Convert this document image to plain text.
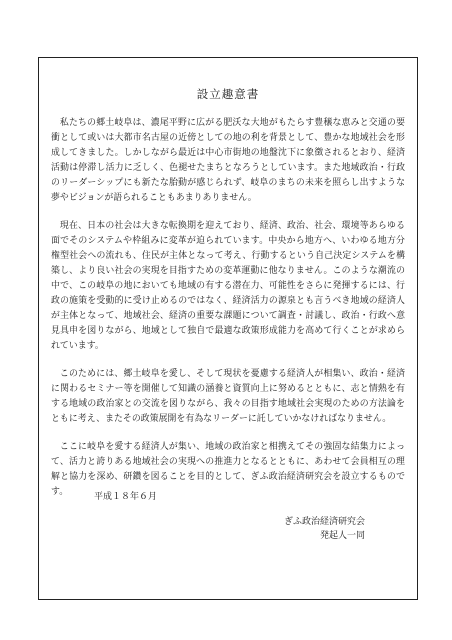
設立趣意書

私たちの郷土岐阜は、濃尾平野に広がる肥沃な大地がもたらす豊穣な恵みと交通の要衝として或いは大都市名古屋の近傍としての地の利を背景として、豊かな地域社会を形成してきました。しかしながら最近は中心市街地の地盤沈下に象徴されるとおり、経済活動は停滞し活力に乏しく、色褪せたまちとなろうとしています。また地域政治・行政のリーダーシップにも新たな胎動が感じられず、岐阜のまちの未来を照らし出すような夢やビジョンが語られることもあまりありません。

現在、日本の社会は大きな転換期を迎えており、経済、政治、社会、環境等あらゆる面でそのシステムや枠組みに変革が迫られています。中央から地方へ、いわゆる地方分権型社会への流れも、住民が主体となって考え、行動するという自己決定システムを構築し、より良い社会の実現を目指すための変革運動に他なりません。このような潮流の中で、この岐阜の地においても地域の有する潜在力、可能性をさらに発揮するには、行政の施策を受動的に受け止めるのではなく、経済活力の源泉とも言うべき地域の経済人が主体となって、地域社会、経済の重要な課題について調査・討議し、政治・行政へ意見具申を図りながら、地域として独自で最適な政策形成能力を高めて行くことが求められています。

このためには、郷土岐阜を愛し、そして現状を憂慮する経済人が相集い、政治・経済に関わるセミナー等を開催して知識の涵養と資質向上に努めるとともに、志と情熱を有する地域の政治家との交流を図りながら、我々の目指す地域社会実現のための方法論をともに考え、またその政策展開を有為なリーダーに託していかなければなりません。

ここに岐阜を愛する経済人が集い、地域の政治家と相携えてその強固な結集力によって、活力と誇りある地域社会の実現への推進力となるとともに、あわせて会員相互の理解と協力を深め、研鑽を図ることを目的として、ぎふ政治経済研究会を設立するものです。	平成１８年６月
ぎふ政治経済研究会
発起人一同
